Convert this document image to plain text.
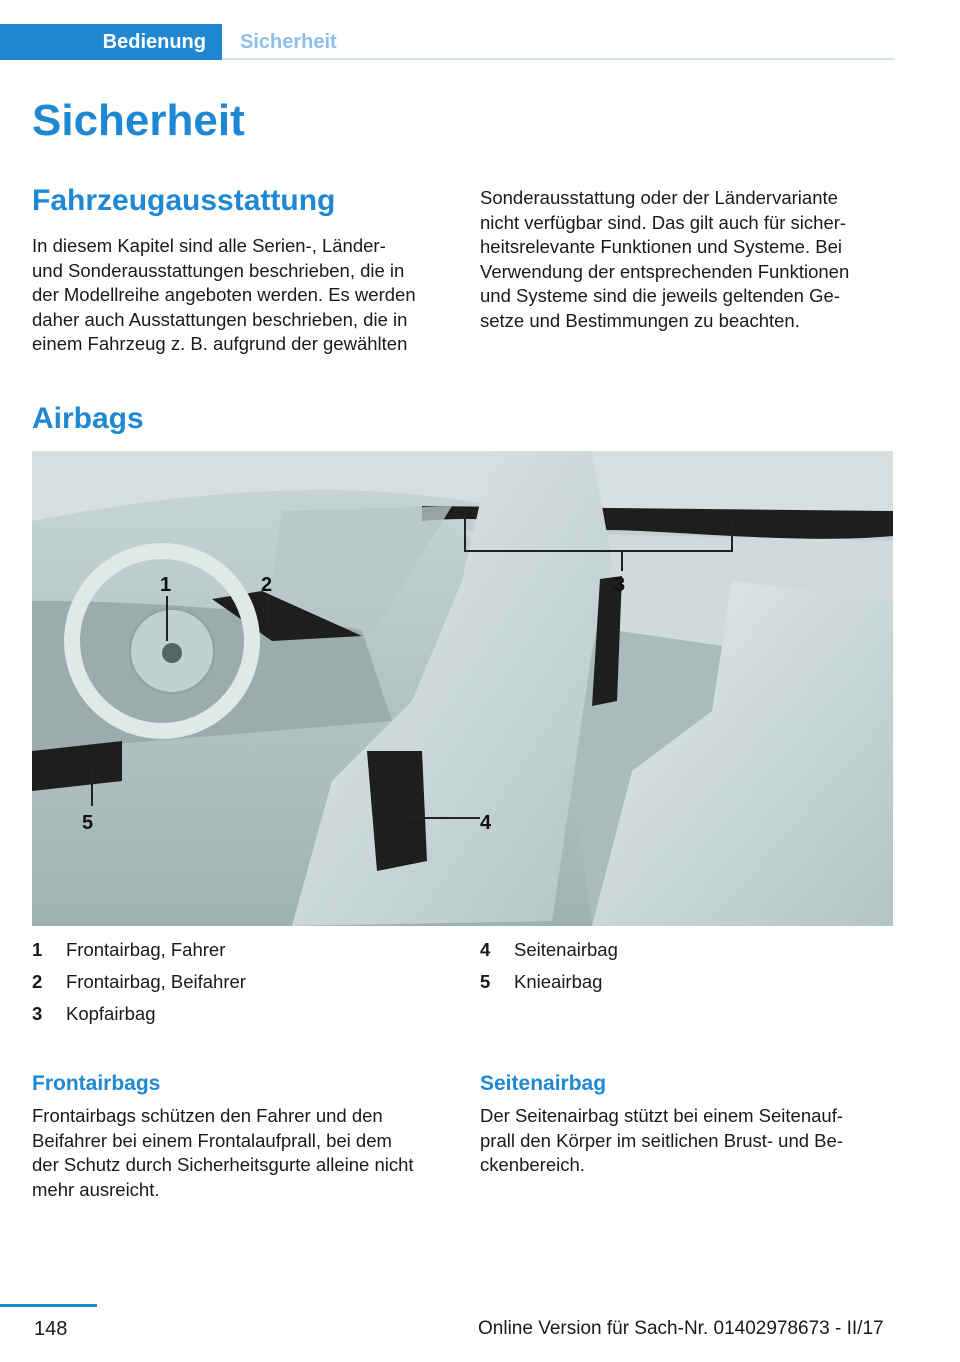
Bedienung	Sicherheit
Sicherheit
Fahrzeugausstattung
In diesem Kapitel sind alle Serien-, Länder-
und Sonderausstattungen beschrieben, die in
der Modellreihe angeboten werden. Es werden
daher auch Ausstattungen beschrieben, die in
einem Fahrzeug z. B. aufgrund der gewählten
Sonderausstattung oder der Ländervariante
nicht verfügbar sind. Das gilt auch für sicher-
heitsrelevante Funktionen und Systeme. Bei
Verwendung der entsprechenden Funktionen
und Systeme sind die jeweils geltenden Ge-
setze und Bestimmungen zu beachten.
Airbags
1	2	3
4
5
1 Frontairbag, Fahrer
2 Frontairbag, Beifahrer
3 Kopfairbag
4 Seitenairbag
5 Knieairbag
Frontairbags
Frontairbags schützen den Fahrer und den
Beifahrer bei einem Frontalaufprall, bei dem
der Schutz durch Sicherheitsgurte alleine nicht
mehr ausreicht.
Seitenairbag
Der Seitenairbag stützt bei einem Seitenauf-
prall den Körper im seitlichen Brust- und Be-
ckenbereich.
148	Online Version für Sach-Nr. 01402978673 - II/17
